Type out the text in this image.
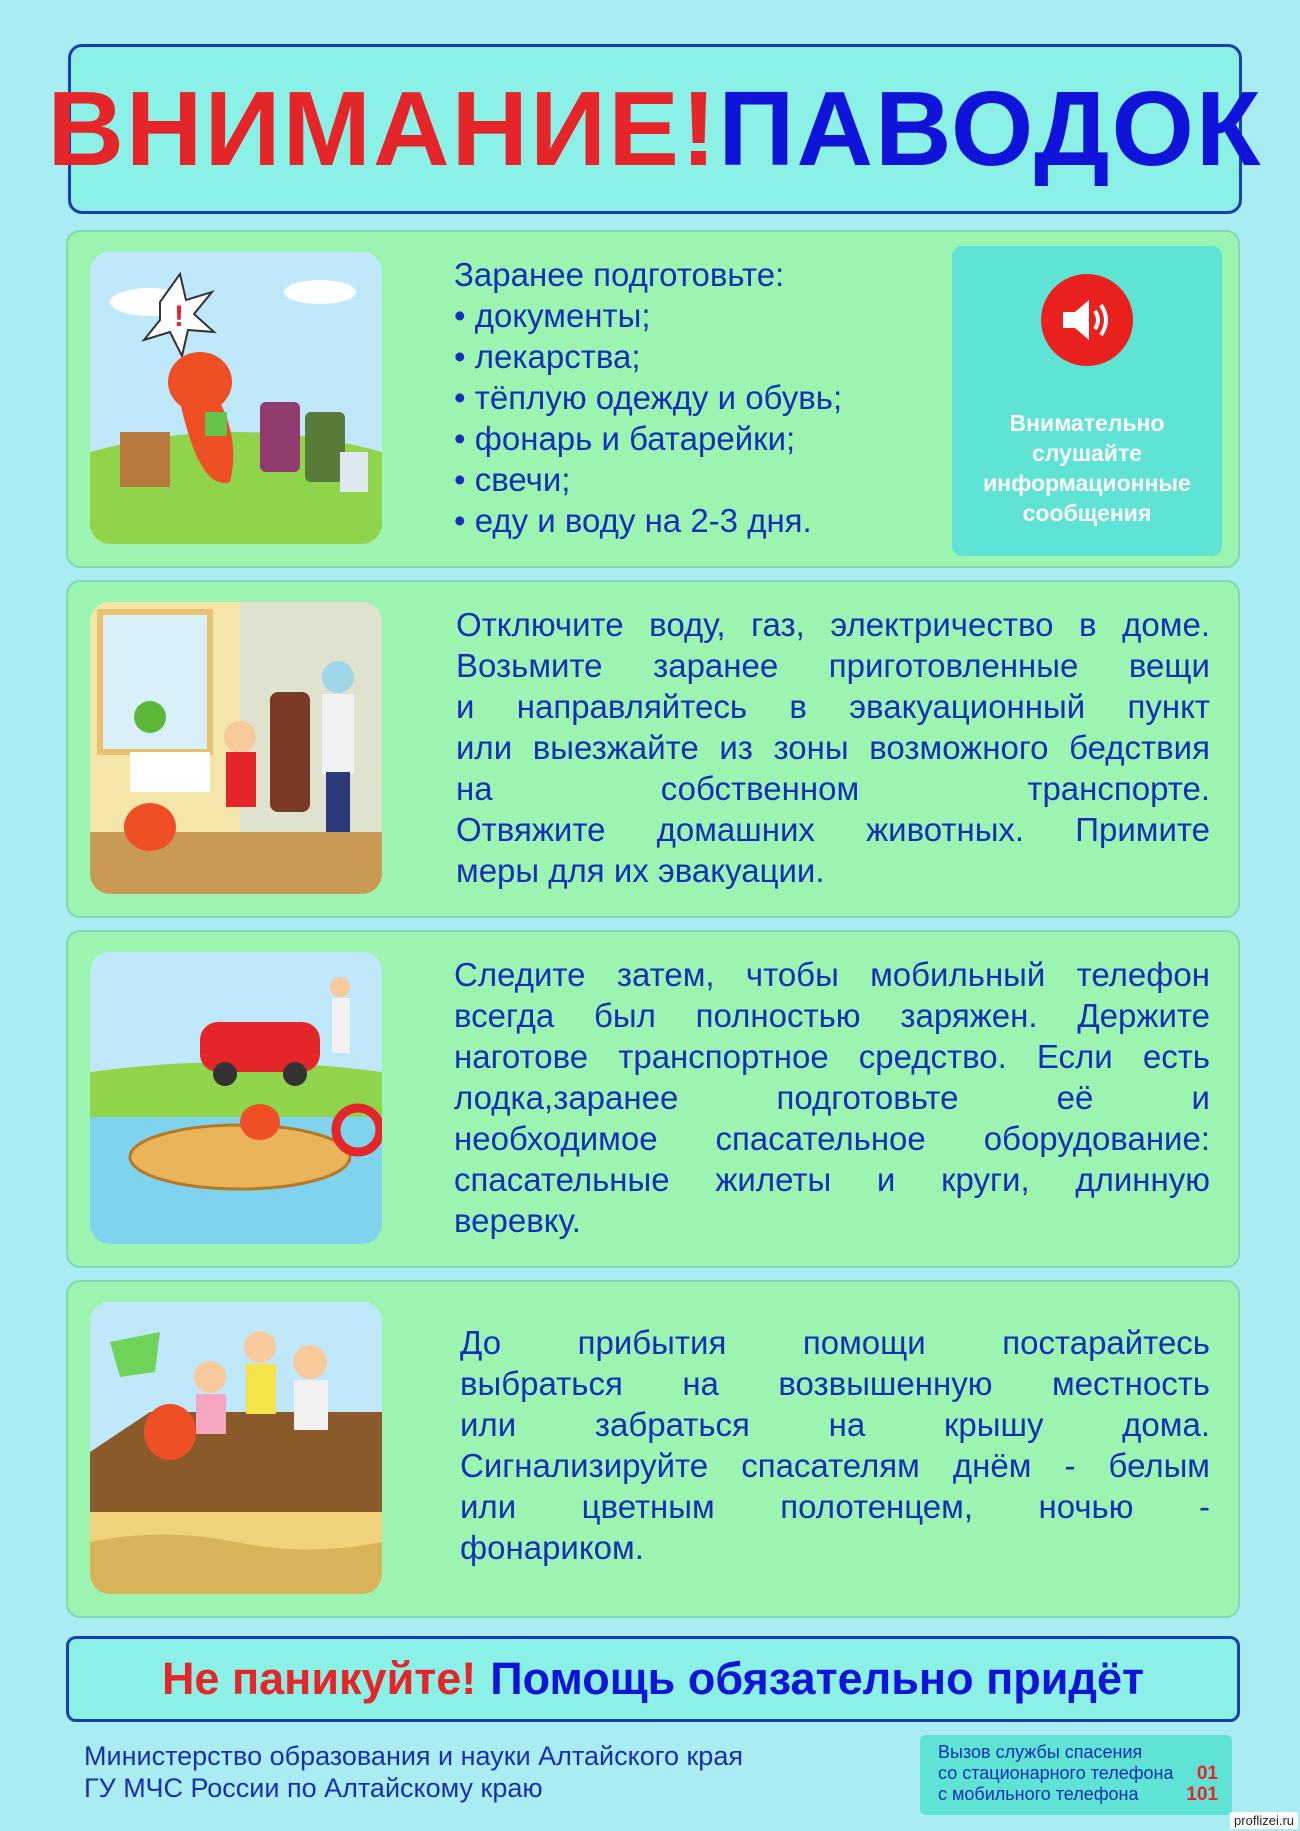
ВНИМАНИЕ! ПАВОДОК
!
Заранее подготовьте:
• документы;
• лекарства;
• тёплую одежду и обувь;
• фонарь и батарейки;
• свечи;
• еду и воду на 2-3 дня.
Внимательно
слушайте
информационные
сообщения
Отключите воду, газ, электричество в доме.
Возьмите заранее приготовленные вещи
и направляйтесь в эвакуационный пункт
или выезжайте из зоны возможного бедствия
на собственном транспорте.
Отвяжите домашних животных. Примите
меры для их эвакуации.
Следите затем, чтобы мобильный телефон
всегда был полностью заряжен. Держите
наготове транспортное средство. Если есть
лодка,заранее подготовьте её и
необходимое спасательное оборудование:
спасательные жилеты и круги, длинную
веревку.
До прибытия помощи постарайтесь
выбраться на возвышенную местность
или забраться на крышу дома.
Сигнализируйте спасателям днём - белым
или цветным полотенцем, ночью -
фонариком.
Не паникуйте! Помощь обязательно придёт
Министерство образования и науки Алтайского края
ГУ МЧС России по Алтайскому краю
Вызов службы спасения
со стационарного телефона 01
с мобильного телефона	101
proflizei.ru
